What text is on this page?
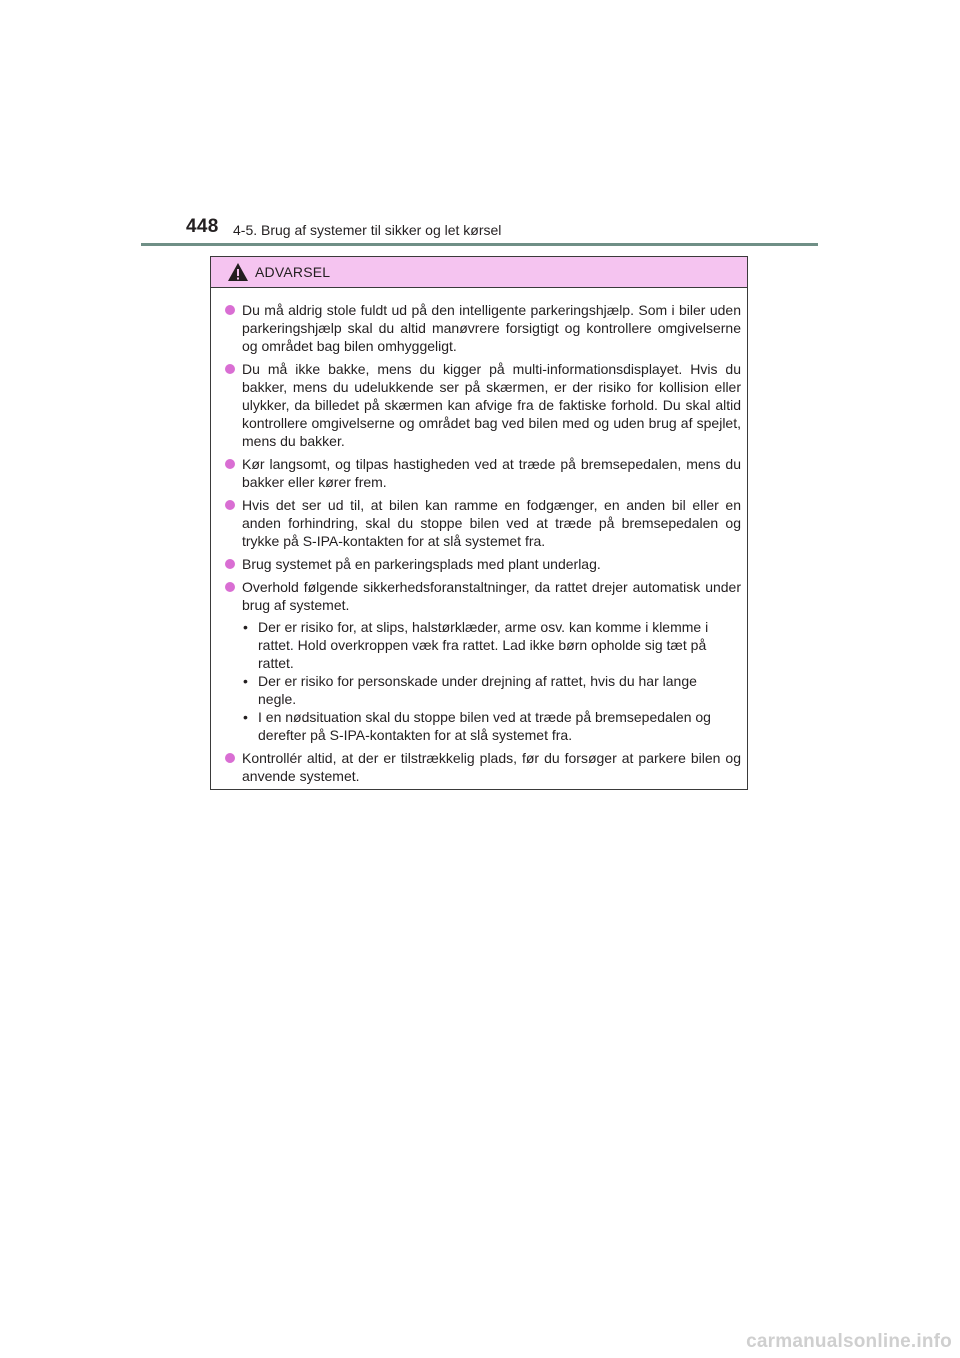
448 4-5. Brug af systemer til sikker og let kørsel
ADVARSEL
Du må aldrig stole fuldt ud på den intelligente parkeringshjælp. Som i biler uden parkeringshjælp skal du altid manøvrere forsigtigt og kontrollere omgivelserne og området bag bilen omhyggeligt.
Du må ikke bakke, mens du kigger på multi-informationsdisplayet. Hvis du bakker, mens du udelukkende ser på skærmen, er der risiko for kollision eller ulykker, da billedet på skærmen kan afvige fra de faktiske forhold. Du skal altid kontrollere omgivelserne og området bag ved bilen med og uden brug af spejlet, mens du bakker.
Kør langsomt, og tilpas hastigheden ved at træde på bremsepedalen, mens du bakker eller kører frem.
Hvis det ser ud til, at bilen kan ramme en fodgænger, en anden bil eller en anden forhindring, skal du stoppe bilen ved at træde på bremsepedalen og trykke på S-IPA-kontakten for at slå systemet fra.
Brug systemet på en parkeringsplads med plant underlag.
Overhold følgende sikkerhedsforanstaltninger, da rattet drejer automatisk under brug af systemet.
• Der er risiko for, at slips, halstørklæder, arme osv. kan komme i klemme i rattet. Hold overkroppen væk fra rattet. Lad ikke børn opholde sig tæt på rattet.
• Der er risiko for personskade under drejning af rattet, hvis du har lange negle.
• I en nødsituation skal du stoppe bilen ved at træde på bremsepedalen og derefter på S-IPA-kontakten for at slå systemet fra.
Kontrollér altid, at der er tilstrækkelig plads, før du forsøger at parkere bilen og anvende systemet.
carmanualsonline.info
